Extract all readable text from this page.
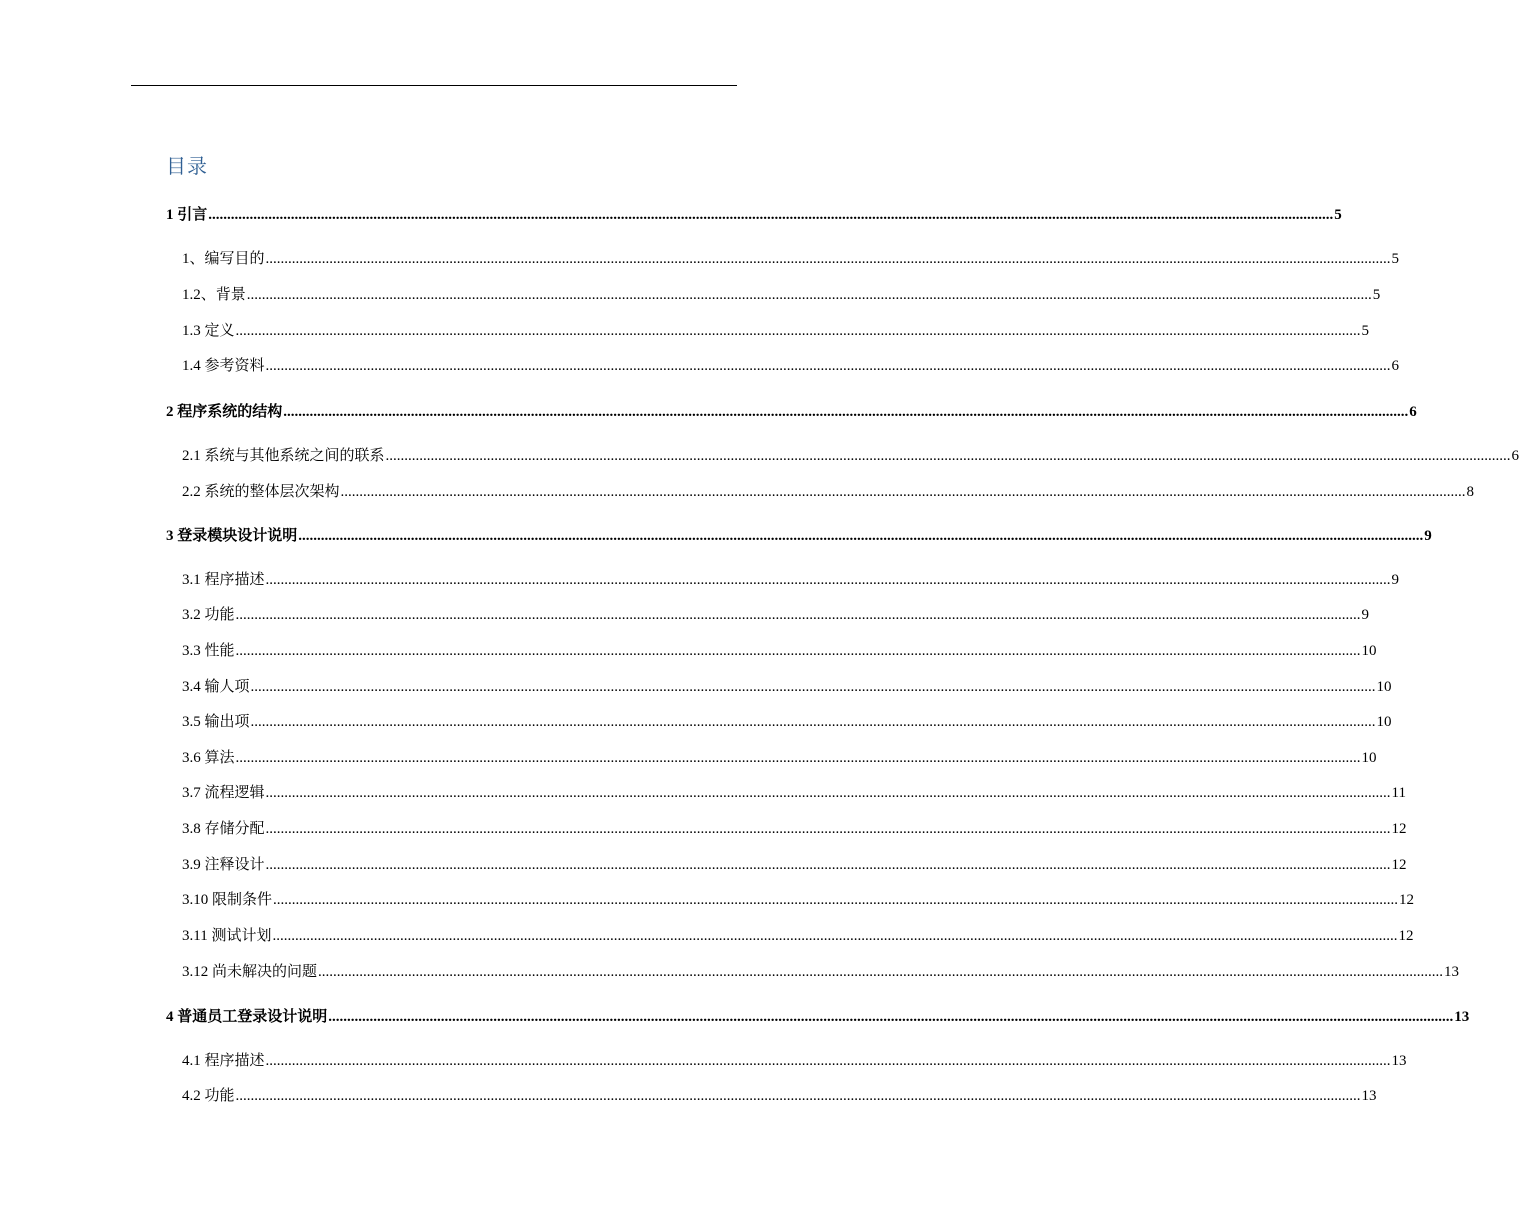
目录
1 引言 ............................................................................................................................................................................................................................................................................................................ 5
1、编写目的 ............................................................................................................................................................................................................................................................................................................ 5
1.2、背景 ............................................................................................................................................................................................................................................................................................................ 5
1.3 定义 ............................................................................................................................................................................................................................................................................................................ 5
1.4 参考资料 ............................................................................................................................................................................................................................................................................................................ 6
2 程序系统的结构 ............................................................................................................................................................................................................................................................................................................ 6
2.1 系统与其他系统之间的联系 ............................................................................................................................................................................................................................................................................................................ 6
2.2 系统的整体层次架构 ............................................................................................................................................................................................................................................................................................................ 8
3 登录模块设计说明 ............................................................................................................................................................................................................................................................................................................ 9
3.1 程序描述 ............................................................................................................................................................................................................................................................................................................ 9
3.2 功能 ............................................................................................................................................................................................................................................................................................................ 9
3.3 性能 ............................................................................................................................................................................................................................................................................................................ 10
3.4 输人项 ............................................................................................................................................................................................................................................................................................................ 10
3.5 输出项 ............................................................................................................................................................................................................................................................................................................ 10
3.6 算法 ............................................................................................................................................................................................................................................................................................................ 10
3.7 流程逻辑 ............................................................................................................................................................................................................................................................................................................ 11
3.8 存储分配 ............................................................................................................................................................................................................................................................................................................ 12
3.9 注释设计 ............................................................................................................................................................................................................................................................................................................ 12
3.10 限制条件 ............................................................................................................................................................................................................................................................................................................ 12
3.11 测试计划 ............................................................................................................................................................................................................................................................................................................ 12
3.12 尚未解决的问题 ............................................................................................................................................................................................................................................................................................................ 13
4 普通员工登录设计说明 ............................................................................................................................................................................................................................................................................................................ 13
4.1 程序描述 ............................................................................................................................................................................................................................................................................................................ 13
4.2 功能 ............................................................................................................................................................................................................................................................................................................ 13
